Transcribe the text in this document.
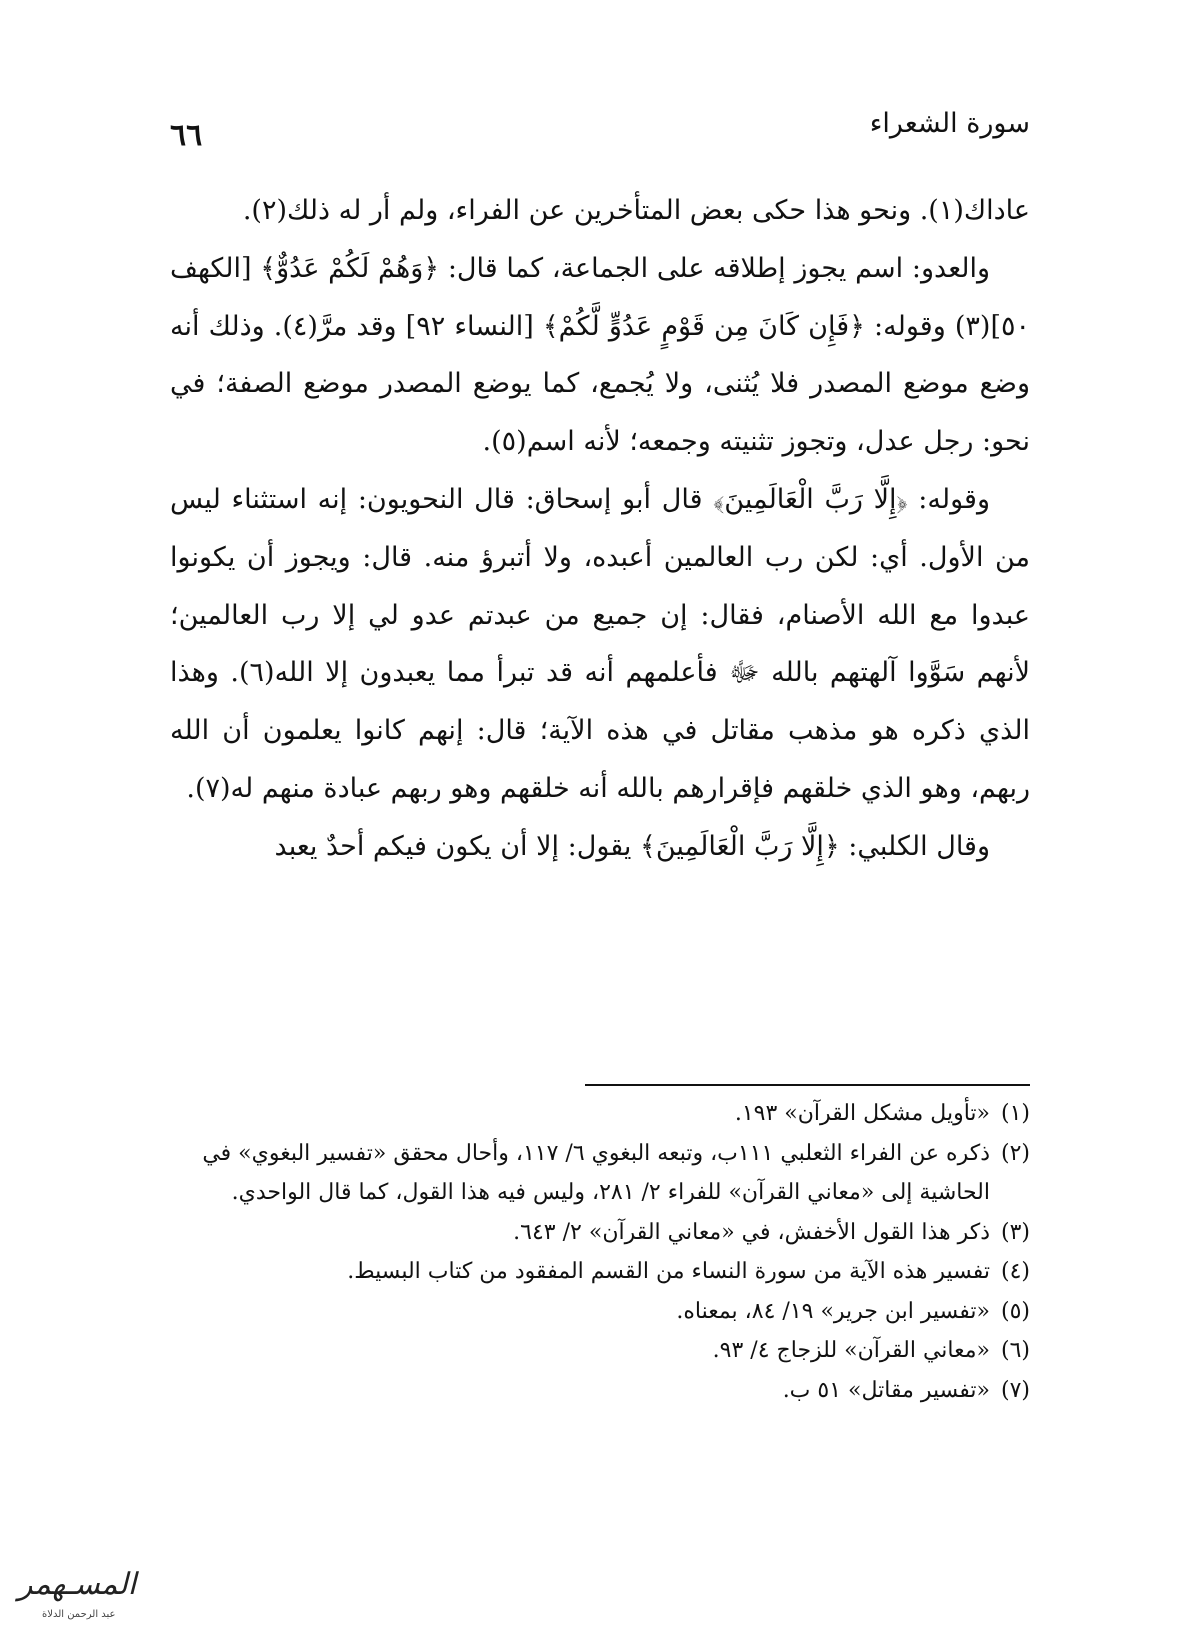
٦٦	سورة الشعراء

عاداك(١). ونحو هذا حكى بعض المتأخرين عن الفراء، ولم أر له ذلك(٢).

والعدو: اسم يجوز إطلاقه على الجماعة، كما قال: ﴿وَهُمْ لَكُمْ عَدُوٌّ﴾ [الكهف ٥٠](٣) وقوله: ﴿فَإِن كَانَ مِن قَوْمٍ عَدُوٍّ لَّكُمْ﴾ [النساء ٩٢] وقد مرَّ(٤). وذلك أنه وضع موضع المصدر فلا يُثنى، ولا يُجمع، كما يوضع المصدر موضع الصفة؛ في نحو: رجل عدل، وتجوز تثنيته وجمعه؛ لأنه اسم(٥).

وقوله: ﴿إِلَّا رَبَّ الْعَالَمِينَ﴾ قال أبو إسحاق: قال النحويون: إنه استثناء ليس من الأول. أي: لكن رب العالمين أعبده، ولا أتبرؤ منه. قال: ويجوز أن يكونوا عبدوا مع الله الأصنام، فقال: إن جميع من عبدتم عدو لي إلا رب العالمين؛ لأنهم سَوَّوا آلهتهم بالله ﷻ فأعلمهم أنه قد تبرأ مما يعبدون إلا الله(٦). وهذا الذي ذكره هو مذهب مقاتل في هذه الآية؛ قال: إنهم كانوا يعلمون أن الله ربهم، وهو الذي خلقهم فإقرارهم بالله أنه خلقهم وهو ربهم عبادة منهم له(٧).

وقال الكلبي: ﴿إِلَّا رَبَّ الْعَالَمِينَ﴾ يقول: إلا أن يكون فيكم أحدٌ يعبد

(١)
«تأويل مشكل القرآن» ١٩٣.
(٢)
ذكره عن الفراء الثعلبي ١١١ب، وتبعه البغوي ٦/ ١١٧، وأحال محقق «تفسير البغوي» في الحاشية إلى «معاني القرآن» للفراء ٢/ ٢٨١، وليس فيه هذا القول، كما قال الواحدي.
(٣)
ذكر هذا القول الأخفش، في «معاني القرآن» ٢/ ٦٤٣.
(٤)
تفسير هذه الآية من سورة النساء من القسم المفقود من كتاب البسيط.
(٥)
«تفسير ابن جرير» ١٩/ ٨٤، بمعناه.
(٦)
«معاني القرآن» للزجاج ٤/ ٩٣.
(٧)
«تفسير مقاتل» ٥١ ب.
المسـهمر
عبد الرحمن الدلاة
